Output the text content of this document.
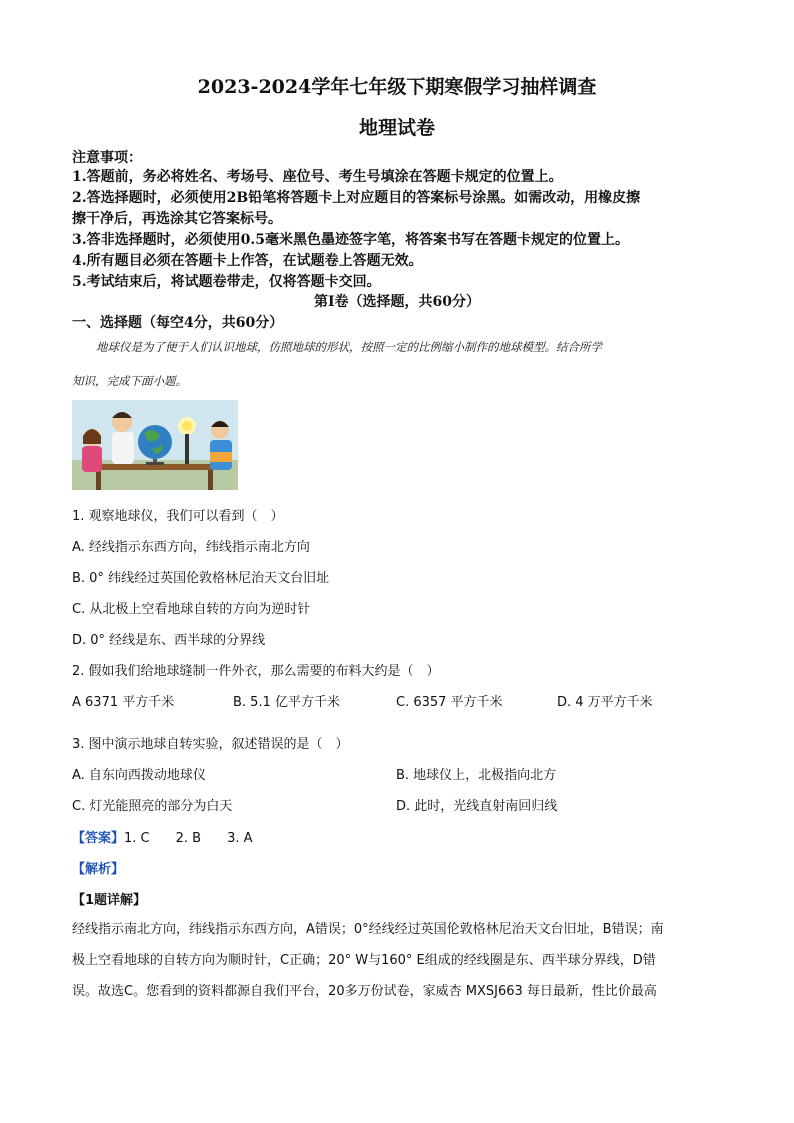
2023-2024学年七年级下期寒假学习抽样调查
地理试卷
注意事项：
1.答题前，务必将姓名、考场号、座位号、考生号填涂在答题卡规定的位置上。
2.答选择题时，必须使用2B铅笔将答题卡上对应题目的答案标号涂黑。如需改动，用橡皮擦
擦干净后，再选涂其它答案标号。
3.答非选择题时，必须使用0.5毫米黑色墨迹签字笔，将答案书写在答题卡规定的位置上。
4.所有题目必须在答题卡上作答，在试题卷上答题无效。
5.考试结束后，将试题卷带走，仅将答题卡交回。
第Ⅰ卷（选择题，共60分）
一、选择题（每空4分，共60分）
地球仪是为了便于人们认识地球，仿照地球的形状，按照一定的比例缩小制作的地球模型。结合所学
知识，完成下面小题。
1. 观察地球仪，我们可以看到（　）
A. 经线指示东西方向，纬线指示南北方向
B. 0° 纬线经过英国伦敦格林尼治天文台旧址
C. 从北极上空看地球自转的方向为逆时针
D. 0° 经线是东、西半球的分界线
2. 假如我们给地球缝制一件外衣，那么需要的布料大约是（　）
A 6371 平方千米	B. 5.1 亿平方千米	C. 6357 平方千米	D. 4 万平方千米
3. 图中演示地球自转实验，叙述错误的是（　）
A. 自东向西拨动地球仪	B. 地球仪上，北极指向北方
C. 灯光能照亮的部分为白天	D. 此时，光线直射南回归线
【答案】1. C　　2. B　　3. A
【解析】
【1题详解】
经线指示南北方向，纬线指示东西方向，A错误；0°经线经过英国伦敦格林尼治天文台旧址，B错误；南
极上空看地球的自转方向为顺时针，C正确；20° W与160° E组成的经线圈是东、西半球分界线，D错
误。故选C。您看到的资料都源自我们平台，20多万份试卷，家威杏 MXSJ663 每日最新，性比价最高
